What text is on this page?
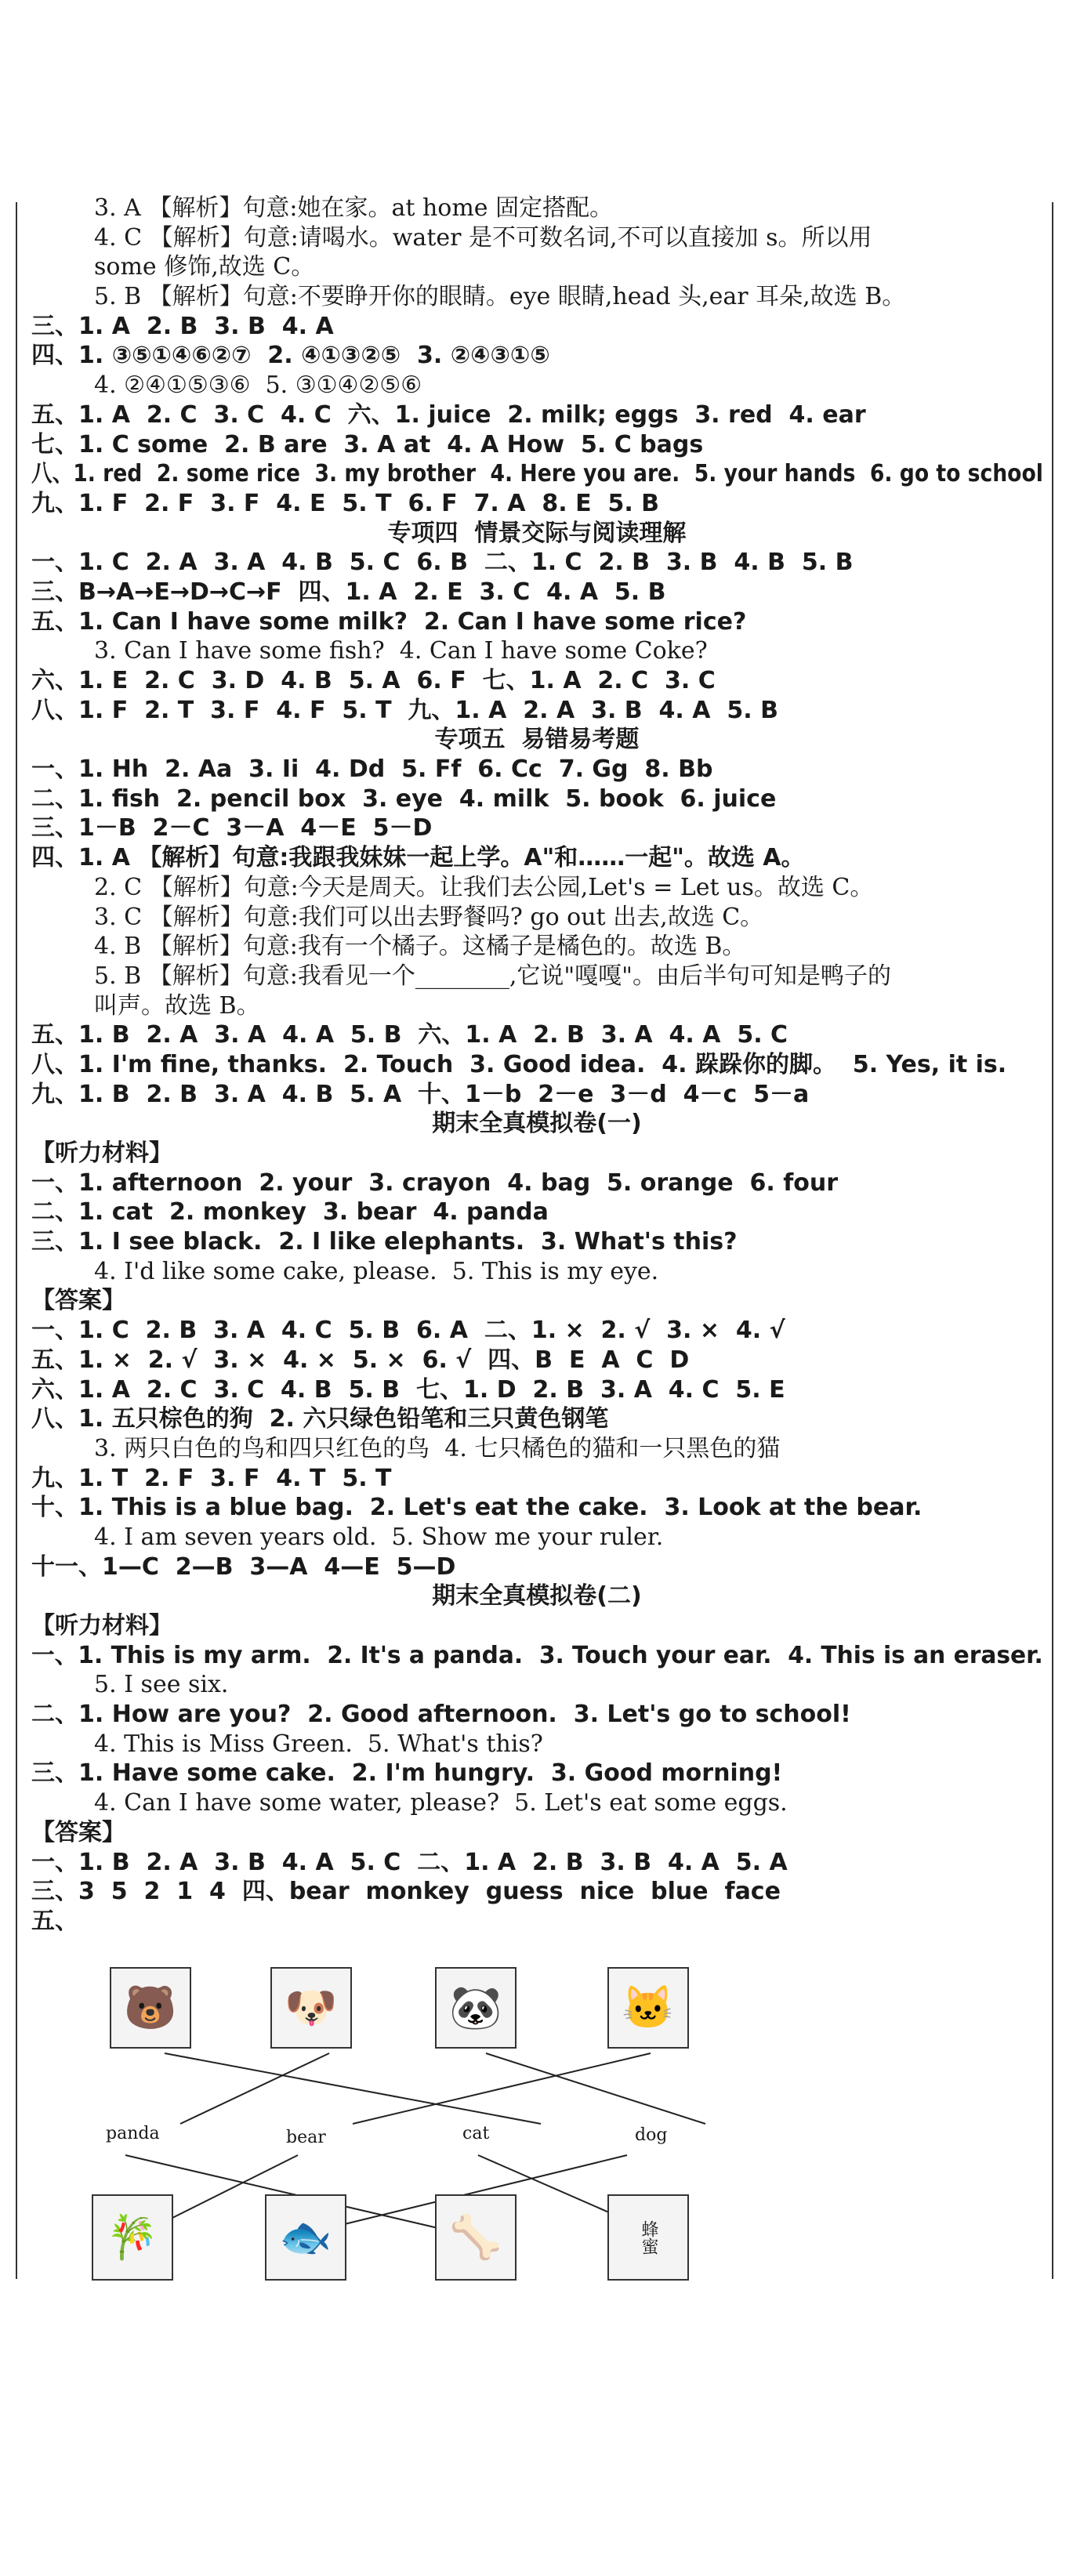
3. A 【解析】句意:她在家。at home 固定搭配。
4. C 【解析】句意:请喝水。water 是不可数名词,不可以直接加 s。所以用
some 修饰,故选 C。
5. B 【解析】句意:不要睁开你的眼睛。eye 眼睛,head 头,ear 耳朵,故选 B。
三、1. A  2. B  3. B  4. A
四、1. ③⑤①④⑥②⑦  2. ④①③②⑤  3. ②④③①⑤
4. ②④①⑤③⑥  5. ③①④②⑤⑥
五、1. A  2. C  3. C  4. C  六、1. juice  2. milk; eggs  3. red  4. ear
七、1. C some  2. B are  3. A at  4. A How  5. C bags
八、1. red  2. some rice  3. my brother  4. Here you are.  5. your hands  6. go to school
九、1. F  2. F  3. F  4. E  5. T  6. F  7. A  8. E  5. B
专项四  情景交际与阅读理解
一、1. C  2. A  3. A  4. B  5. C  6. B  二、1. C  2. B  3. B  4. B  5. B
三、B→A→E→D→C→F  四、1. A  2. E  3. C  4. A  5. B
五、1. Can I have some milk?  2. Can I have some rice?
3. Can I have some fish?  4. Can I have some Coke?
六、1. E  2. C  3. D  4. B  5. A  6. F  七、1. A  2. C  3. C
八、1. F  2. T  3. F  4. F  5. T  九、1. A  2. A  3. B  4. A  5. B
专项五  易错易考题
一、1. Hh  2. Aa  3. Ii  4. Dd  5. Ff  6. Cc  7. Gg  8. Bb
二、1. fish  2. pencil box  3. eye  4. milk  5. book  6. juice
三、1－B  2－C  3－A  4－E  5－D
四、1. A 【解析】句意:我跟我妹妹一起上学。A"和……一起"。故选 A。
2. C 【解析】句意:今天是周天。让我们去公园,Let's = Let us。故选 C。
3. C 【解析】句意:我们可以出去野餐吗? go out 出去,故选 C。
4. B 【解析】句意:我有一个橘子。这橘子是橘色的。故选 B。
5. B 【解析】句意:我看见一个________,它说"嘎嘎"。由后半句可知是鸭子的
叫声。故选 B。
五、1. B  2. A  3. A  4. A  5. B  六、1. A  2. B  3. A  4. A  5. C
八、1. I'm fine, thanks.  2. Touch  3. Good idea.  4. 跺跺你的脚。  5. Yes, it is.
九、1. B  2. B  3. A  4. B  5. A  十、1－b  2－e  3－d  4－c  5－a
期末全真模拟卷(一)
【听力材料】
一、1. afternoon  2. your  3. crayon  4. bag  5. orange  6. four
二、1. cat  2. monkey  3. bear  4. panda
三、1. I see black.  2. I like elephants.  3. What's this?
4. I'd like some cake, please.  5. This is my eye.
【答案】
一、1. C  2. B  3. A  4. C  5. B  6. A  二、1. ×  2. √  3. ×  4. √
五、1. ×  2. √  3. ×  4. ×  5. ×  6. √  四、B  E  A  C  D
六、1. A  2. C  3. C  4. B  5. B  七、1. D  2. B  3. A  4. C  5. E
八、1. 五只棕色的狗  2. 六只绿色铅笔和三只黄色钢笔
3. 两只白色的鸟和四只红色的鸟  4. 七只橘色的猫和一只黑色的猫
九、1. T  2. F  3. F  4. T  5. T
十、1. This is a blue bag.  2. Let's eat the cake.  3. Look at the bear.
4. I am seven years old.  5. Show me your ruler.
十一、1—C  2—B  3—A  4—E  5—D
期末全真模拟卷(二)
【听力材料】
一、1. This is my arm.  2. It's a panda.  3. Touch your ear.  4. This is an eraser.
5. I see six.
二、1. How are you?  2. Good afternoon.  3. Let's go to school!
4. This is Miss Green.  5. What's this?
三、1. Have some cake.  2. I'm hungry.  3. Good morning!
4. Can I have some water, please?  5. Let's eat some eggs.
【答案】
一、1. B  2. A  3. B  4. A  5. C  二、1. A  2. B  3. B  4. A  5. A
三、3  5  2  1  4  四、bear  monkey  guess  nice  blue  face
五、
🐻	🐶	🐼	🐱
panda	bear	cat	dog
🎋	🐟	🦴	蜂蜜
